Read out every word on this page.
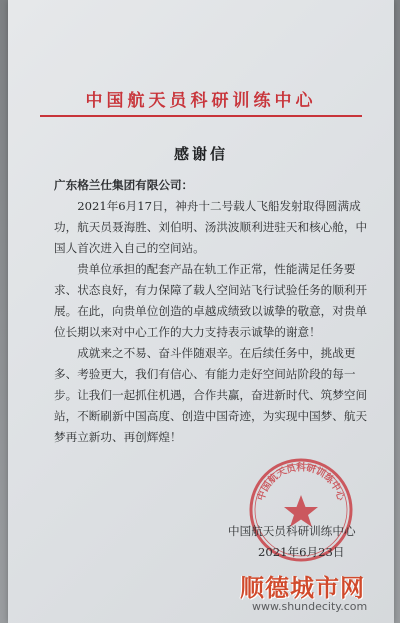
中国航天员科研训练中心
感谢信
广东格兰仕集团有限公司：

2021年6月17日，神舟十二号载人飞船发射取得圆满成功，航天员聂海胜、刘伯明、汤洪波顺利进驻天和核心舱，中国人首次进入自己的空间站。

贵单位承担的配套产品在轨工作正常，性能满足任务要求、状态良好，有力保障了载人空间站飞行试验任务的顺利开展。在此，向贵单位创造的卓越成绩致以诚挚的敬意，对贵单位长期以来对中心工作的大力支持表示诚挚的谢意！

成就来之不易、奋斗伴随艰辛。在后续任务中，挑战更多、考验更大，我们有信心、有能力走好空间站阶段的每一步。让我们一起抓住机遇，合作共赢，奋进新时代、筑梦空间站，不断刷新中国高度、创造中国奇迹，为实现中国梦、航天梦再立新功、再创辉煌！

中国航天员科研训练中心
中国航天员科研训练中心
2021年6月23日
顺德城市网
www.shundecity.com
